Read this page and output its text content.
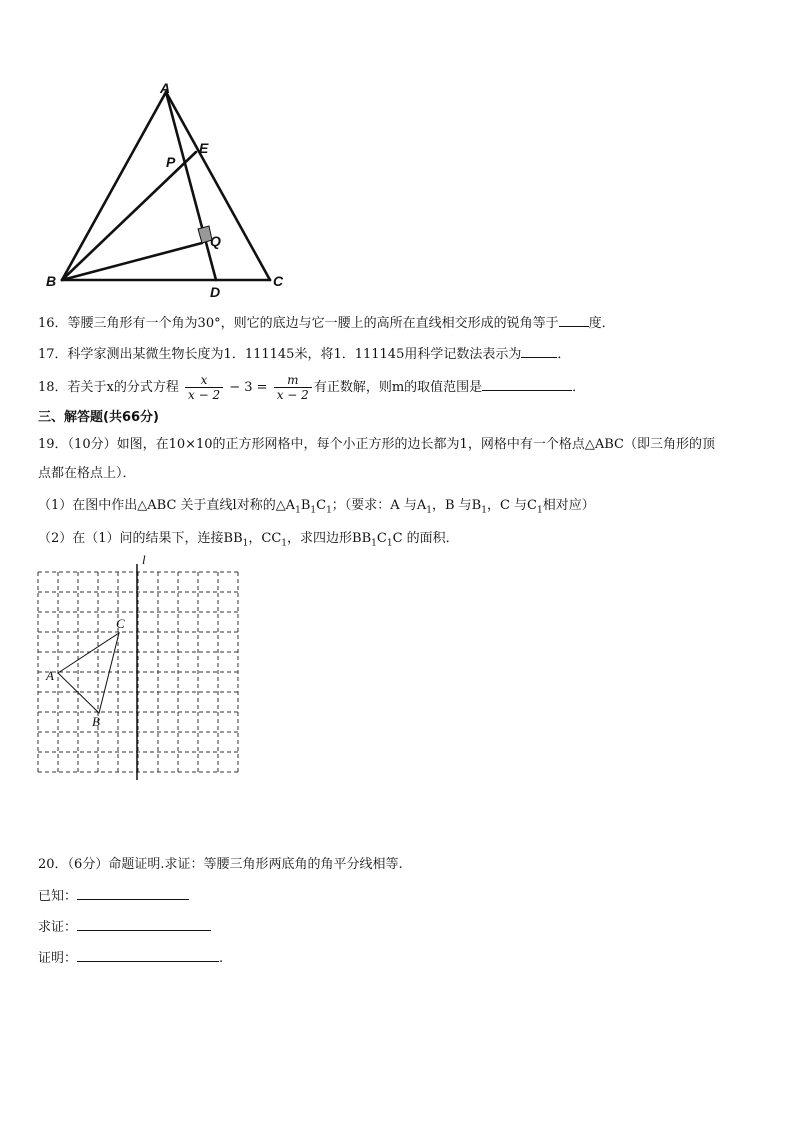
A
B	C
D
E
P
Q
16．等腰三角形有一个角为30°，则它的底边与它一腰上的高所在直线相交形成的锐角等于 度．
17．科学家测出某微生物长度为1．111145米，将1．111145用科学记数法表示为	．
18．若关于x的分式方程 $\frac{x}{x - 2} - 3 = \frac{m}{x - 2}$ 有正数解，则m的取值范围是	．
三、解答题(共66分)
19．（10分）如图，在10×10的正方形网格中，每个小正方形的边长都为1，网格中有一个格点△ABC（即三角形的顶
点都在格点上）．
（1）在图中作出△ABC 关于直线l对称的$\triangle A_1B_1C_1$；（要求：A 与$A_1$，B 与$B_1$，C 与$C_1$相对应）
（2）在（1）问的结果下，连接$BB_1$，$CC_1$，求四边形$BB_1C_1C$ 的面积．
l
A
B
C
20．（6分）命题证明.求证：等腰三角形两底角的角平分线相等.
已知：
求证：
证明：	.
